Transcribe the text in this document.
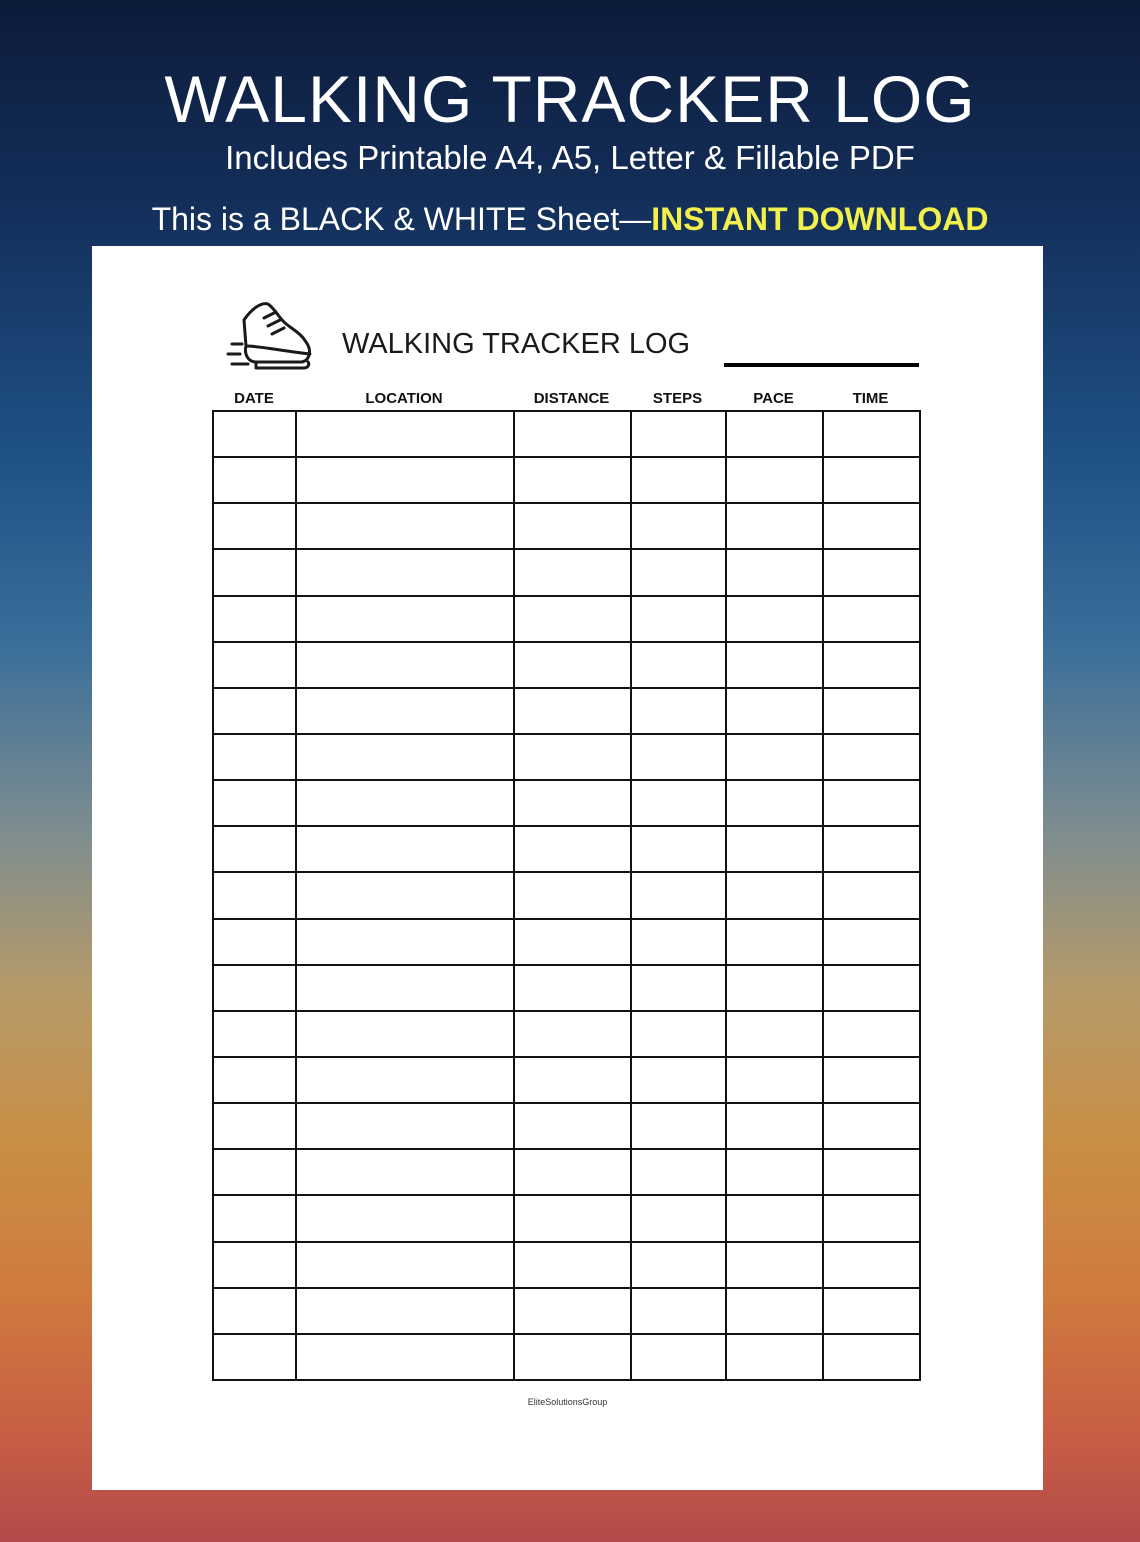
WALKING TRACKER LOG
Includes Printable A4, A5, Letter & Fillable PDF
This is a BLACK & WHITE Sheet—INSTANT DOWNLOAD
WALKING TRACKER LOG
DATE	LOCATION	DISTANCE	STEPS	PACE	TIME

EliteSolutionsGroup
